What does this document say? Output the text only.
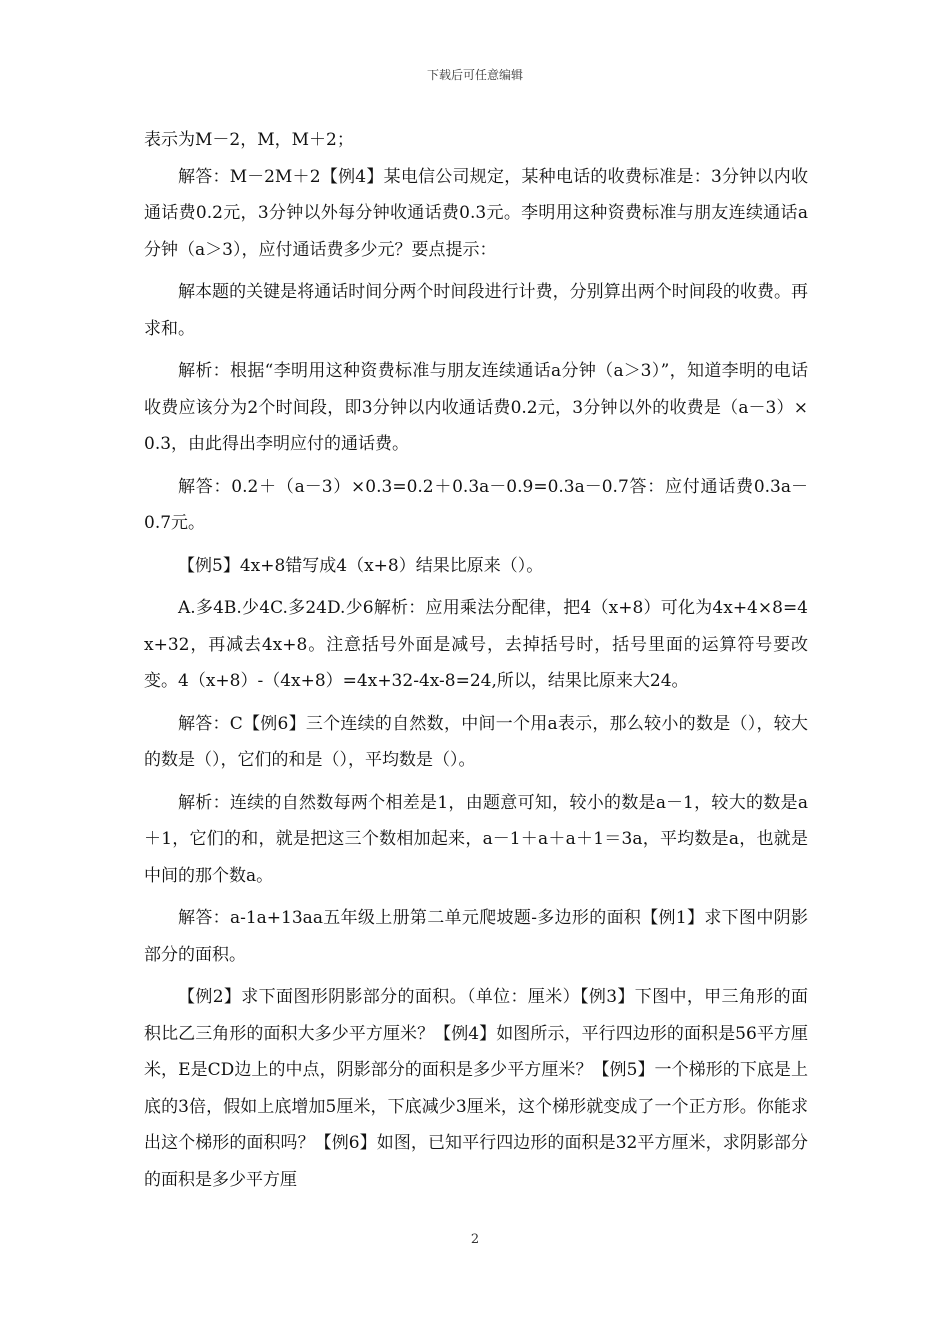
下载后可任意编辑

表示为M－2，M，M＋2；

解答：M－2M＋2【例4】某电信公司规定，某种电话的收费标准是：3分钟以内收通话费0.2元，3分钟以外每分钟收通话费0.3元。李明用这种资费标准与朋友连续通话a分钟（a＞3），应付通话费多少元？要点提示：

解本题的关键是将通话时间分两个时间段进行计费，分别算出两个时间段的收费。再求和。

解析：根据“李明用这种资费标准与朋友连续通话a分钟（a＞3）”，知道李明的电话收费应该分为2个时间段，即3分钟以内收通话费0.2元，3分钟以外的收费是（a－3）×0.3，由此得出李明应付的通话费。

解答：0.2＋（a－3）×0.3=0.2＋0.3a－0.9=0.3a－0.7答：应付通话费0.3a－0.7元。

【例5】4x+8错写成4（x+8）结果比原来（）。

A.多4B.少4C.多24D.少6解析：应用乘法分配律，把4（x+8）可化为4x+4×8=4x+32，再减去4x+8。注意括号外面是减号，去掉括号时，括号里面的运算符号要改变。4（x+8）-（4x+8）=4x+32-4x-8=24,所以，结果比原来大24。

解答：C【例6】三个连续的自然数，中间一个用a表示，那么较小的数是（），较大的数是（），它们的和是（），平均数是（）。

解析：连续的自然数每两个相差是1，由题意可知，较小的数是a－1，较大的数是a＋1，它们的和，就是把这三个数相加起来，a－1＋a＋a＋1＝3a，平均数是a，也就是中间的那个数a。

解答：a-1a+13aa五年级上册第二单元爬坡题-多边形的面积【例1】求下图中阴影部分的面积。

【例2】求下面图形阴影部分的面积。（单位：厘米）【例3】下图中，甲三角形的面积比乙三角形的面积大多少平方厘米？【例4】如图所示，平行四边形的面积是56平方厘米，E是CD边上的中点，阴影部分的面积是多少平方厘米？【例5】一个梯形的下底是上底的3倍，假如上底增加5厘米，下底减少3厘米，这个梯形就变成了一个正方形。你能求出这个梯形的面积吗？【例6】如图，已知平行四边形的面积是32平方厘米，求阴影部分的面积是多少平方厘

2
